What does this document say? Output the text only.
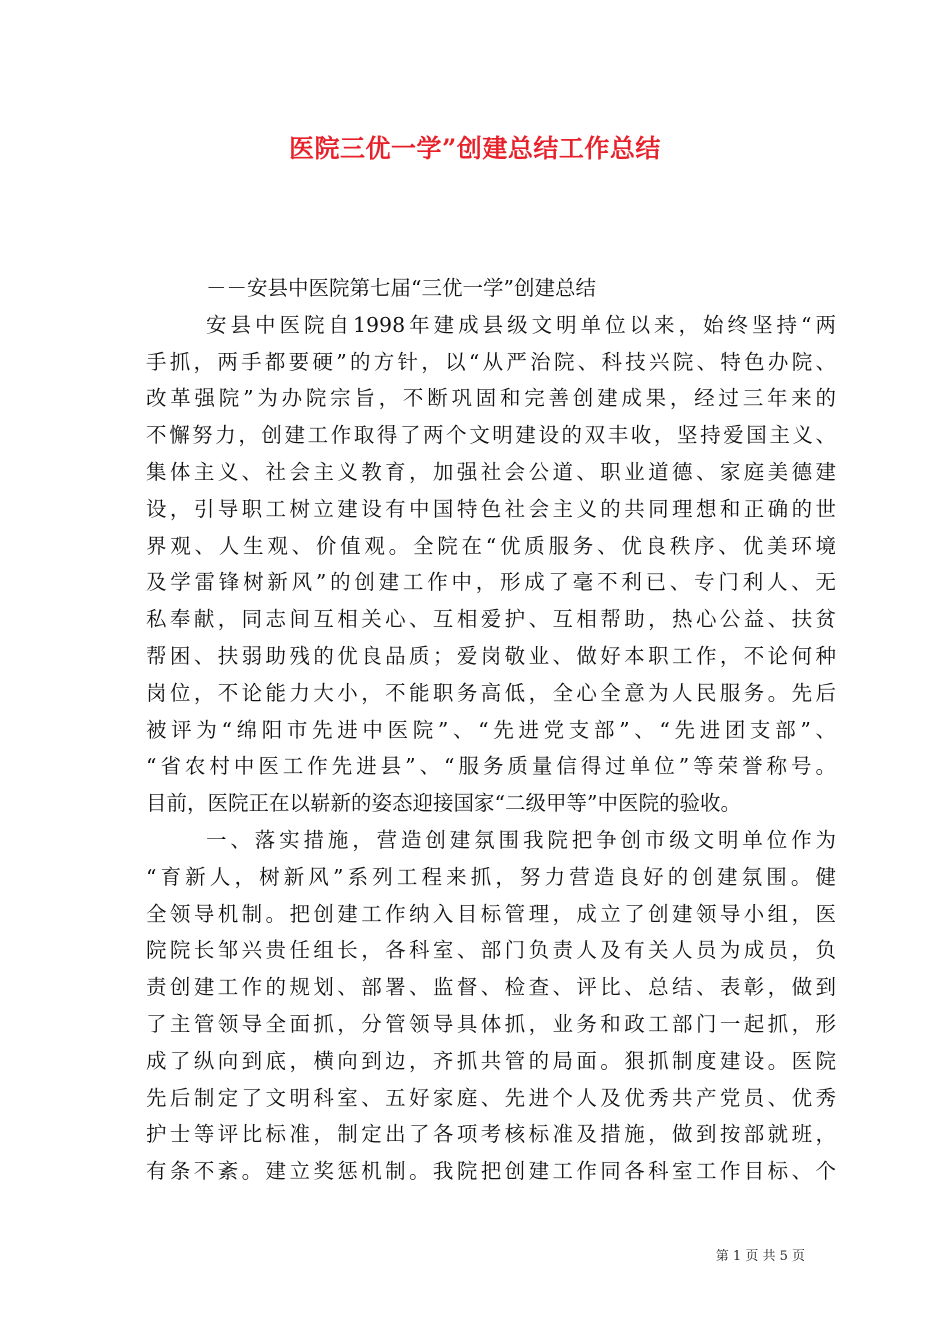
医院三优一学”创建总结工作总结
－－安县中医院第七届“三优一学”创建总结
安县中医院自1998年建成县级文明单位以来，始终坚持“两
手抓，两手都要硬”的方针，以“从严治院、科技兴院、特色办院、
改革强院”为办院宗旨，不断巩固和完善创建成果，经过三年来的
不懈努力，创建工作取得了两个文明建设的双丰收，坚持爱国主义、
集体主义、社会主义教育，加强社会公道、职业道德、家庭美德建
设，引导职工树立建设有中国特色社会主义的共同理想和正确的世
界观、人生观、价值观。全院在“优质服务、优良秩序、优美环境
及学雷锋树新风”的创建工作中，形成了毫不利已、专门利人、无
私奉献，同志间互相关心、互相爱护、互相帮助，热心公益、扶贫
帮困、扶弱助残的优良品质；爱岗敬业、做好本职工作，不论何种
岗位，不论能力大小，不能职务高低，全心全意为人民服务。先后
被评为“绵阳市先进中医院”、“先进党支部”、“先进团支部”、
“省农村中医工作先进县”、“服务质量信得过单位”等荣誉称号。
目前，医院正在以崭新的姿态迎接国家“二级甲等”中医院的验收。
一、落实措施，营造创建氛围我院把争创市级文明单位作为
“育新人，树新风”系列工程来抓，努力营造良好的创建氛围。健
全领导机制。把创建工作纳入目标管理，成立了创建领导小组，医
院院长邹兴贵任组长，各科室、部门负责人及有关人员为成员，负
责创建工作的规划、部署、监督、检查、评比、总结、表彰，做到
了主管领导全面抓，分管领导具体抓，业务和政工部门一起抓，形
成了纵向到底，横向到边，齐抓共管的局面。狠抓制度建设。医院
先后制定了文明科室、五好家庭、先进个人及优秀共产党员、优秀
护士等评比标准，制定出了各项考核标准及措施，做到按部就班，
有条不紊。建立奖惩机制。我院把创建工作同各科室工作目标、个
第 1 页 共 5 页
